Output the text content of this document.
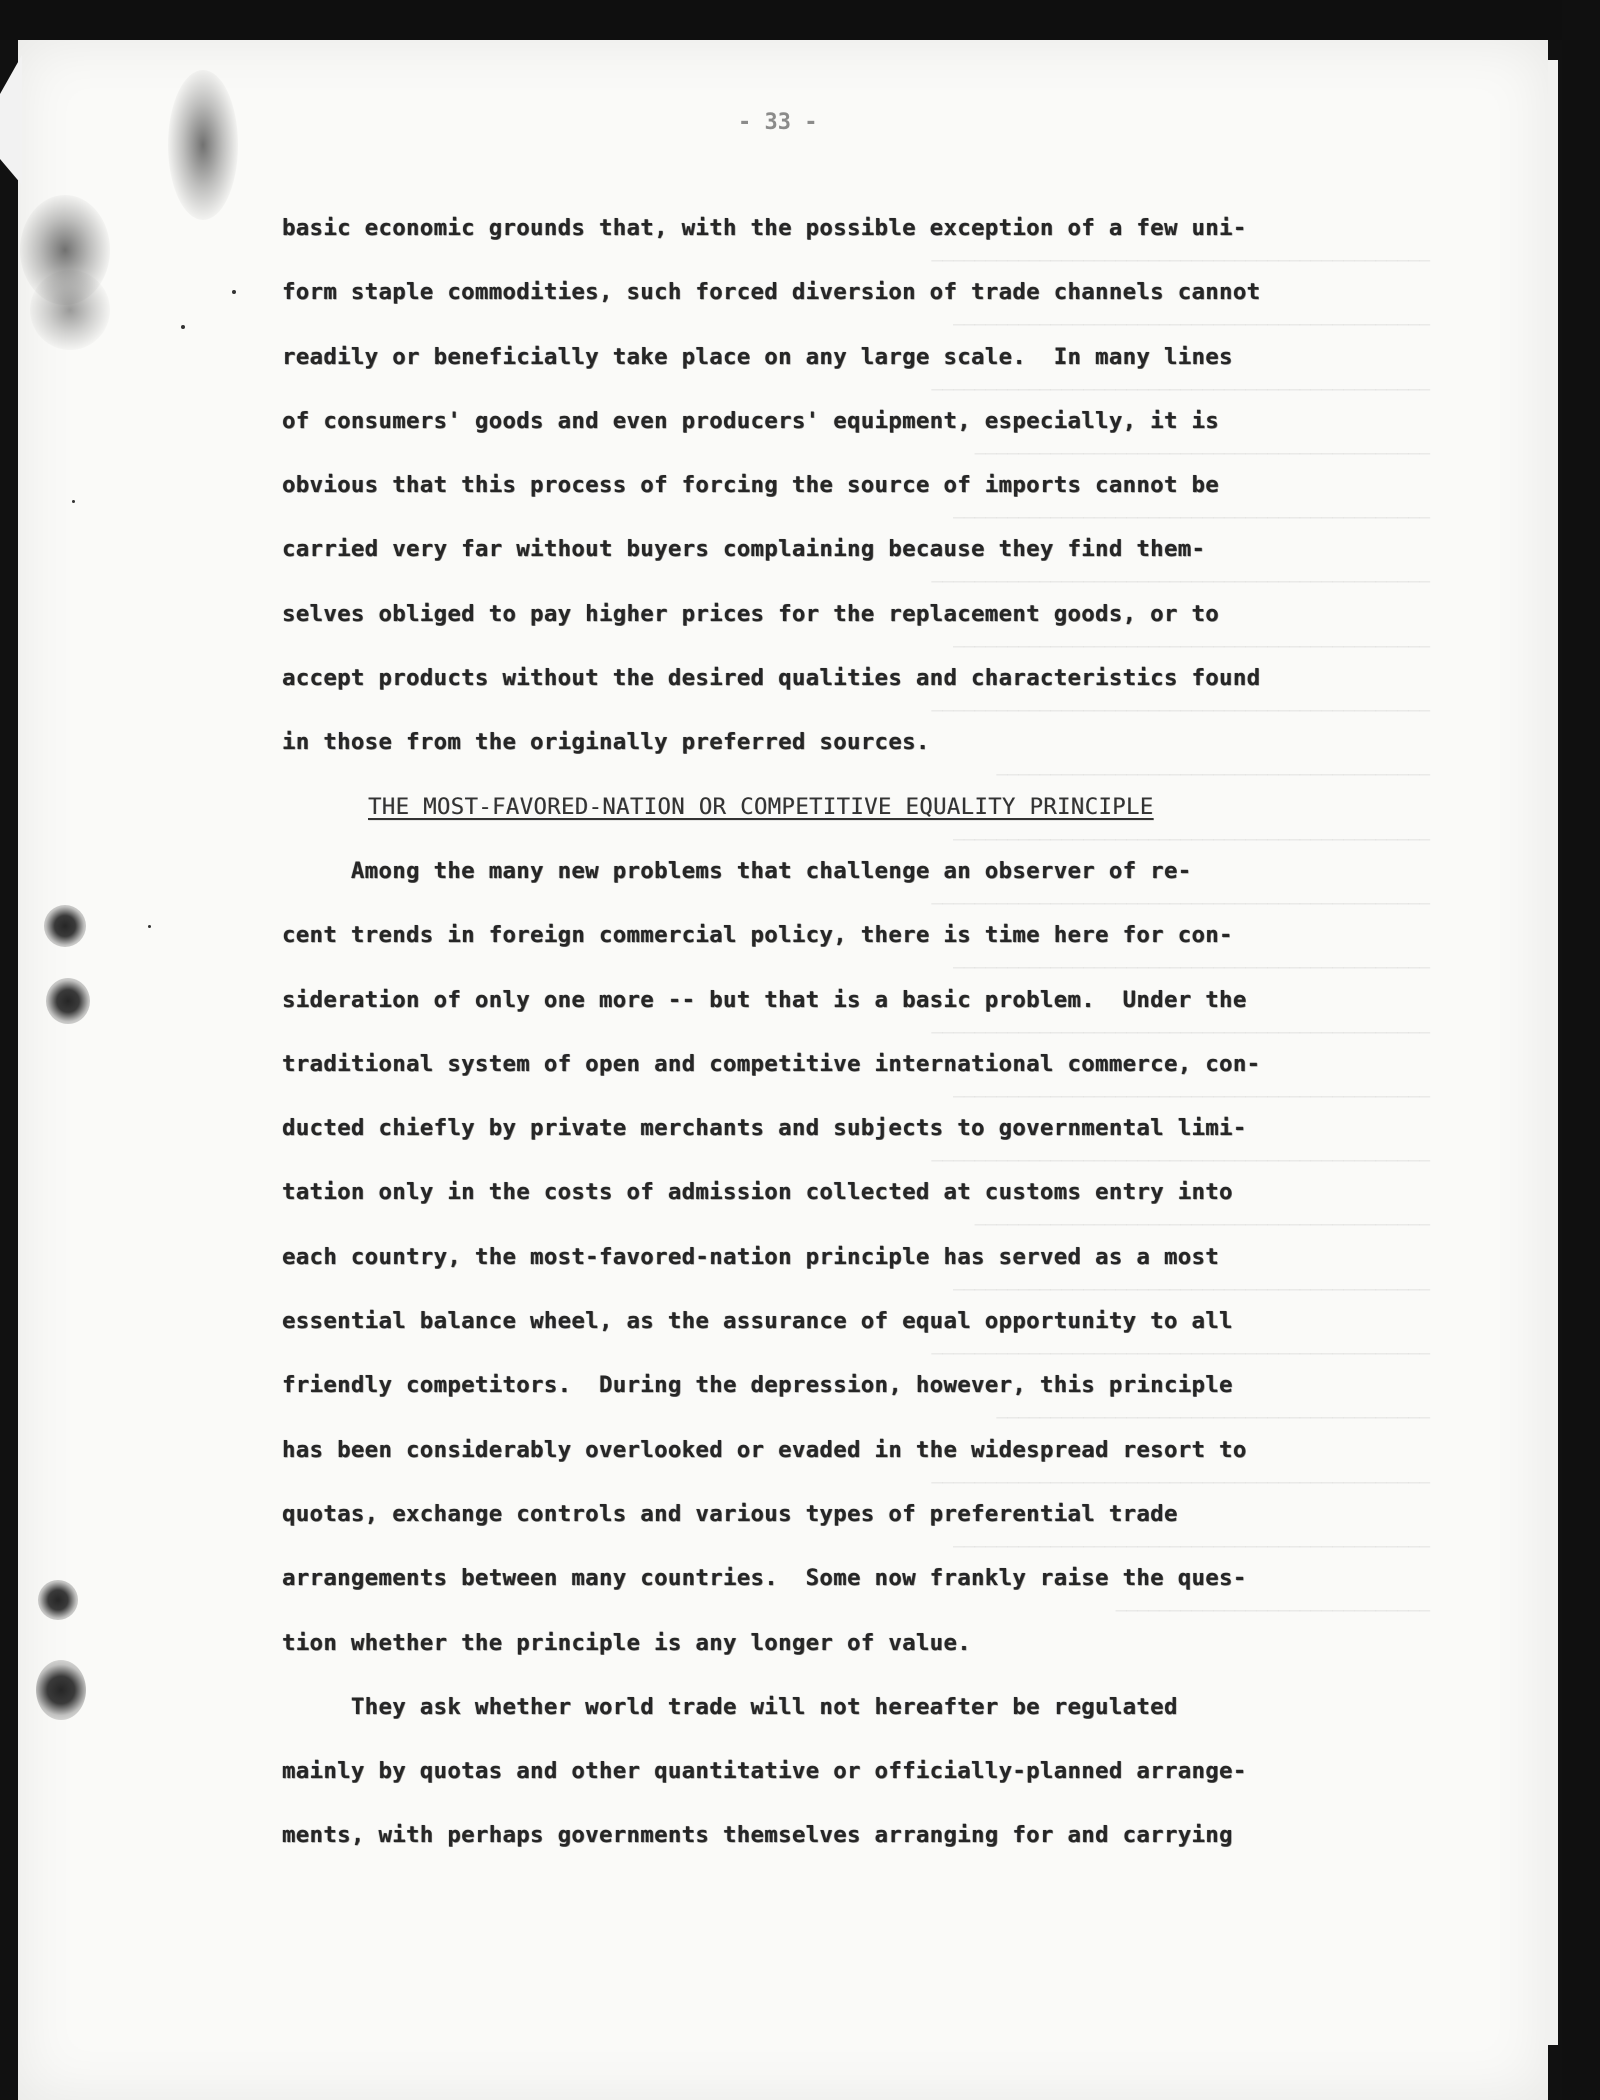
──────────────────────────────────────────────
────────────────────────────────────────────
──────────────────────────────────────────────
──────────────────────────────────────────
────────────────────────────────────────────
──────────────────────────────────────────────
────────────────────────────────────────────
──────────────────────────────────────────────
────────────────────────────────────────
────────────────────────────────────────────
──────────────────────────────────────────────
────────────────────────────────────────────
──────────────────────────────────────────────
────────────────────────────────────────────
──────────────────────────────────────────────
──────────────────────────────────────────
────────────────────────────────────────────
──────────────────────────────────────────────
────────────────────────────────────────
──────────────────────────────────────────────
────────────────────────────────────────────
─────────────────────────────
- 33 -
basic economic grounds that, with the possible exception of a few uni-
form staple commodities, such forced diversion of trade channels cannot
readily or beneficially take place on any large scale.  In many lines
of consumers' goods and even producers' equipment, especially, it is
obvious that this process of forcing the source of imports cannot be
carried very far without buyers complaining because they find them-
selves obliged to pay higher prices for the replacement goods, or to
accept products without the desired qualities and characteristics found
in those from the originally preferred sources.
THE MOST-FAVORED-NATION OR COMPETITIVE EQUALITY PRINCIPLE
Among the many new problems that challenge an observer of re-
cent trends in foreign commercial policy, there is time here for con-
sideration of only one more -- but that is a basic problem.  Under the
traditional system of open and competitive international commerce, con-
ducted chiefly by private merchants and subjects to governmental limi-
tation only in the costs of admission collected at customs entry into
each country, the most-favored-nation principle has served as a most
essential balance wheel, as the assurance of equal opportunity to all
friendly competitors.  During the depression, however, this principle
has been considerably overlooked or evaded in the widespread resort to
quotas, exchange controls and various types of preferential trade
arrangements between many countries.  Some now frankly raise the ques-
tion whether the principle is any longer of value.
They ask whether world trade will not hereafter be regulated
mainly by quotas and other quantitative or officially-planned arrange-
ments, with perhaps governments themselves arranging for and carrying
